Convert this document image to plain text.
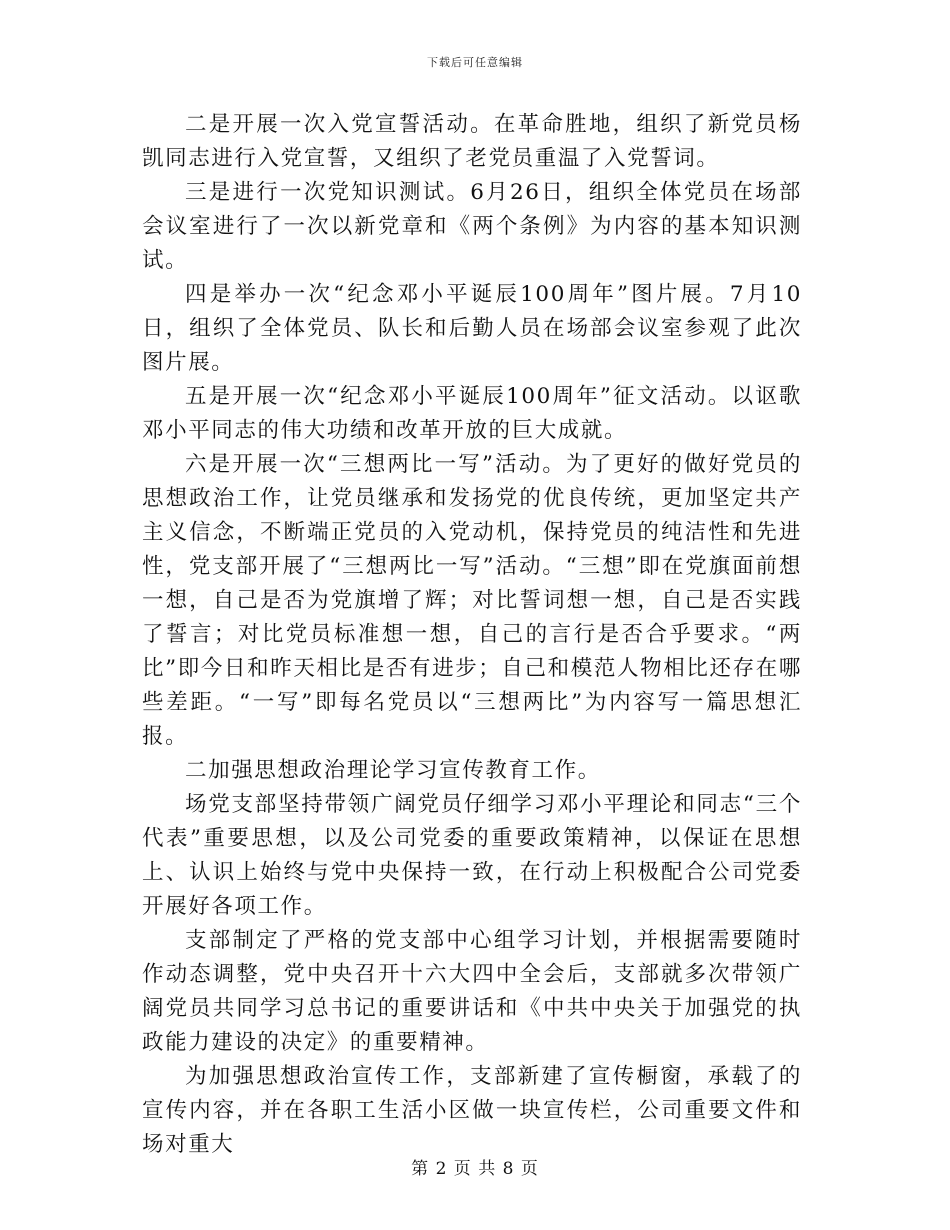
下载后可任意编辑

二是开展一次入党宣誓活动。在革命胜地，组织了新党员杨凯同志进行入党宣誓，又组织了老党员重温了入党誓词。

三是进行一次党知识测试。6月26日，组织全体党员在场部会议室进行了一次以新党章和《两个条例》为内容的基本知识测试。

四是举办一次“纪念邓小平诞辰100周年”图片展。7月10日，组织了全体党员、队长和后勤人员在场部会议室参观了此次图片展。

五是开展一次“纪念邓小平诞辰100周年”征文活动。以讴歌邓小平同志的伟大功绩和改革开放的巨大成就。

六是开展一次“三想两比一写”活动。为了更好的做好党员的思想政治工作，让党员继承和发扬党的优良传统，更加坚定共产主义信念，不断端正党员的入党动机，保持党员的纯洁性和先进性，党支部开展了“三想两比一写”活动。“三想”即在党旗面前想一想，自己是否为党旗增了辉；对比誓词想一想，自己是否实践了誓言；对比党员标准想一想，自己的言行是否合乎要求。“两比”即今日和昨天相比是否有进步；自己和模范人物相比还存在哪些差距。“一写”即每名党员以“三想两比”为内容写一篇思想汇报。

二加强思想政治理论学习宣传教育工作。

场党支部坚持带领广阔党员仔细学习邓小平理论和同志“三个代表”重要思想，以及公司党委的重要政策精神，以保证在思想上、认识上始终与党中央保持一致，在行动上积极配合公司党委开展好各项工作。

支部制定了严格的党支部中心组学习计划，并根据需要随时作动态调整，党中央召开十六大四中全会后，支部就多次带领广阔党员共同学习总书记的重要讲话和《中共中央关于加强党的执政能力建设的决定》的重要精神。

为加强思想政治宣传工作，支部新建了宣传橱窗，承载了的宣传内容，并在各职工生活小区做一块宣传栏，公司重要文件和场对重大

第 2 页 共 8 页
